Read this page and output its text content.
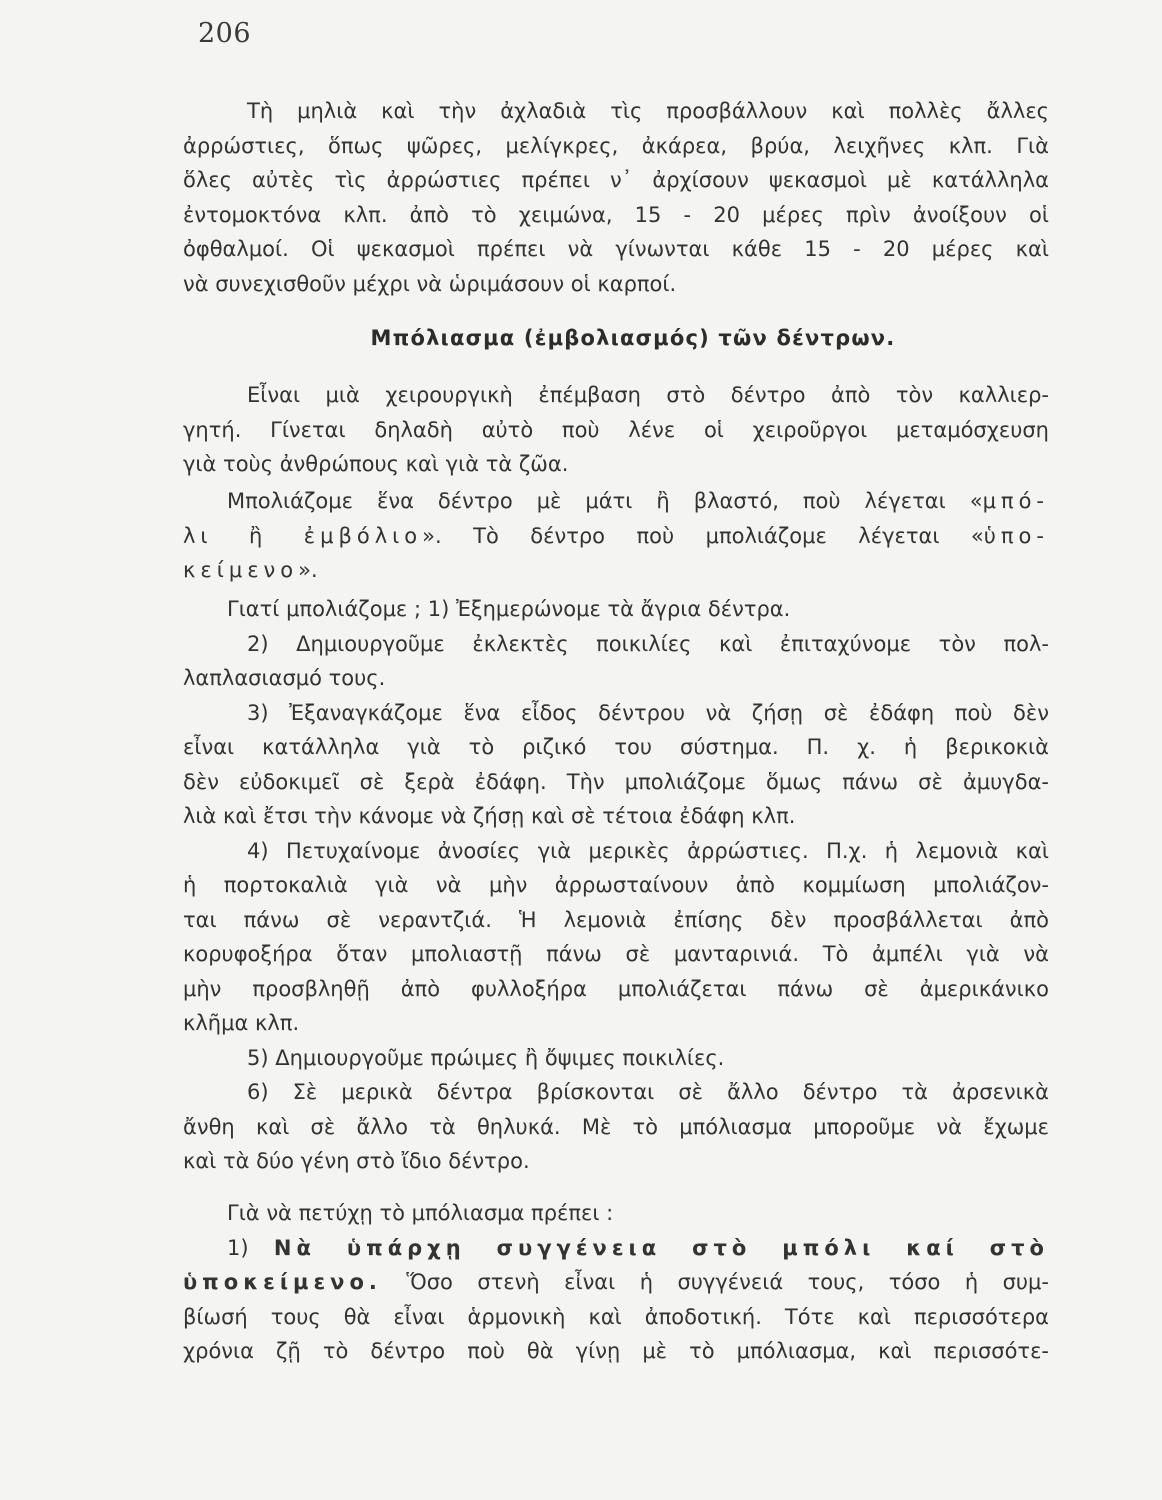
206
Τὴ μηλιὰ καὶ τὴν ἀχλαδιὰ τὶς προσβάλλουν καὶ πολλὲς ἄλλες
ἀρρώστιες, ὅπως ψῶρες, μελίγκρες, ἀκάρεα, βρύα, λειχῆνες κλπ. Γιὰ
ὅλες αὐτὲς τὶς ἀρρώστιες πρέπει ν᾿ ἀρχίσουν ψεκασμοὶ μὲ κατάλληλα
ἐντομοκτόνα κλπ. ἀπὸ τὸ χειμώνα, 15 - 20 μέρες πρὶν ἀνοίξουν οἱ
ὀφθαλμοί. Οἱ ψεκασμοὶ πρέπει νὰ γίνωνται κάθε 15 - 20 μέρες καὶ
νὰ συνεχισθοῦν μέχρι νὰ ὡριμάσουν οἱ καρποί.
Μπόλιασμα (ἐμβολιασμός) τῶν δέντρων.
Εἶναι μιὰ χειρουργικὴ ἐπέμβαση στὸ δέντρο ἀπὸ τὸν καλλιερ-
γητή. Γίνεται δηλαδὴ αὐτὸ ποὺ λένε οἱ χειροῦργοι μεταμόσχευση
γιὰ τοὺς ἀνθρώπους καὶ γιὰ τὰ ζῶα.
Μπολιάζομε ἕνα δέντρο μὲ μάτι ἢ βλαστό, ποὺ λέγεται «μπό-
λι ἢ ἐμβόλιο». Τὸ δέντρο ποὺ μπολιάζομε λέγεται «ὑπο-
κείμενο».
Γιατί μπολιάζομε ; 1) Ἐξημερώνομε τὰ ἄγρια δέντρα.
2) Δημιουργοῦμε ἐκλεκτὲς ποικιλίες καὶ ἐπιταχύνομε τὸν πολ-
λαπλασιασμό τους.
3) Ἐξαναγκάζομε ἕνα εἶδος δέντρου νὰ ζήσῃ σὲ ἐδάφη ποὺ δὲν
εἶναι κατάλληλα γιὰ τὸ ριζικό του σύστημα. Π. χ. ἡ βερικοκιὰ
δὲν εὐδοκιμεῖ σὲ ξερὰ ἐδάφη. Τὴν μπολιάζομε ὅμως πάνω σὲ ἀμυγδα-
λιὰ καὶ ἔτσι τὴν κάνομε νὰ ζήσῃ καὶ σὲ τέτοια ἐδάφη κλπ.
4) Πετυχαίνομε ἀνοσίες γιὰ μερικὲς ἀρρώστιες. Π.χ. ἡ λεμονιὰ καὶ
ἡ πορτοκαλιὰ γιὰ νὰ μὴν ἀρρωσταίνουν ἀπὸ κομμίωση μπολιάζον-
ται πάνω σὲ νεραντζιά. Ἡ λεμονιὰ ἐπίσης δὲν προσβάλλεται ἀπὸ
κορυφοξήρα ὅταν μπολιαστῇ πάνω σὲ μανταρινιά. Τὸ ἀμπέλι γιὰ νὰ
μὴν προσβληθῇ ἀπὸ φυλλοξήρα μπολιάζεται πάνω σὲ ἀμερικάνικο
κλῆμα κλπ.
5) Δημιουργοῦμε πρώιμες ἢ ὄψιμες ποικιλίες.
6) Σὲ μερικὰ δέντρα βρίσκονται σὲ ἄλλο δέντρο τὰ ἀρσενικὰ
ἄνθη καὶ σὲ ἄλλο τὰ θηλυκά. Μὲ τὸ μπόλιασμα μποροῦμε νὰ ἔχωμε
καὶ τὰ δύο γένη στὸ ἴδιο δέντρο.
Γιὰ νὰ πετύχῃ τὸ μπόλιασμα πρέπει :
1) Νὰ ὑπάρχῃ συγγένεια στὸ μπόλι καί στὸ
ὑποκείμενο. Ὅσο στενὴ εἶναι ἡ συγγένειά τους, τόσο ἡ συμ-
βίωσή τους θὰ εἶναι ἁρμονικὴ καὶ ἀποδοτική. Τότε καὶ περισσότερα
χρόνια ζῇ τὸ δέντρο ποὺ θὰ γίνῃ μὲ τὸ μπόλιασμα, καὶ περισσότε-
